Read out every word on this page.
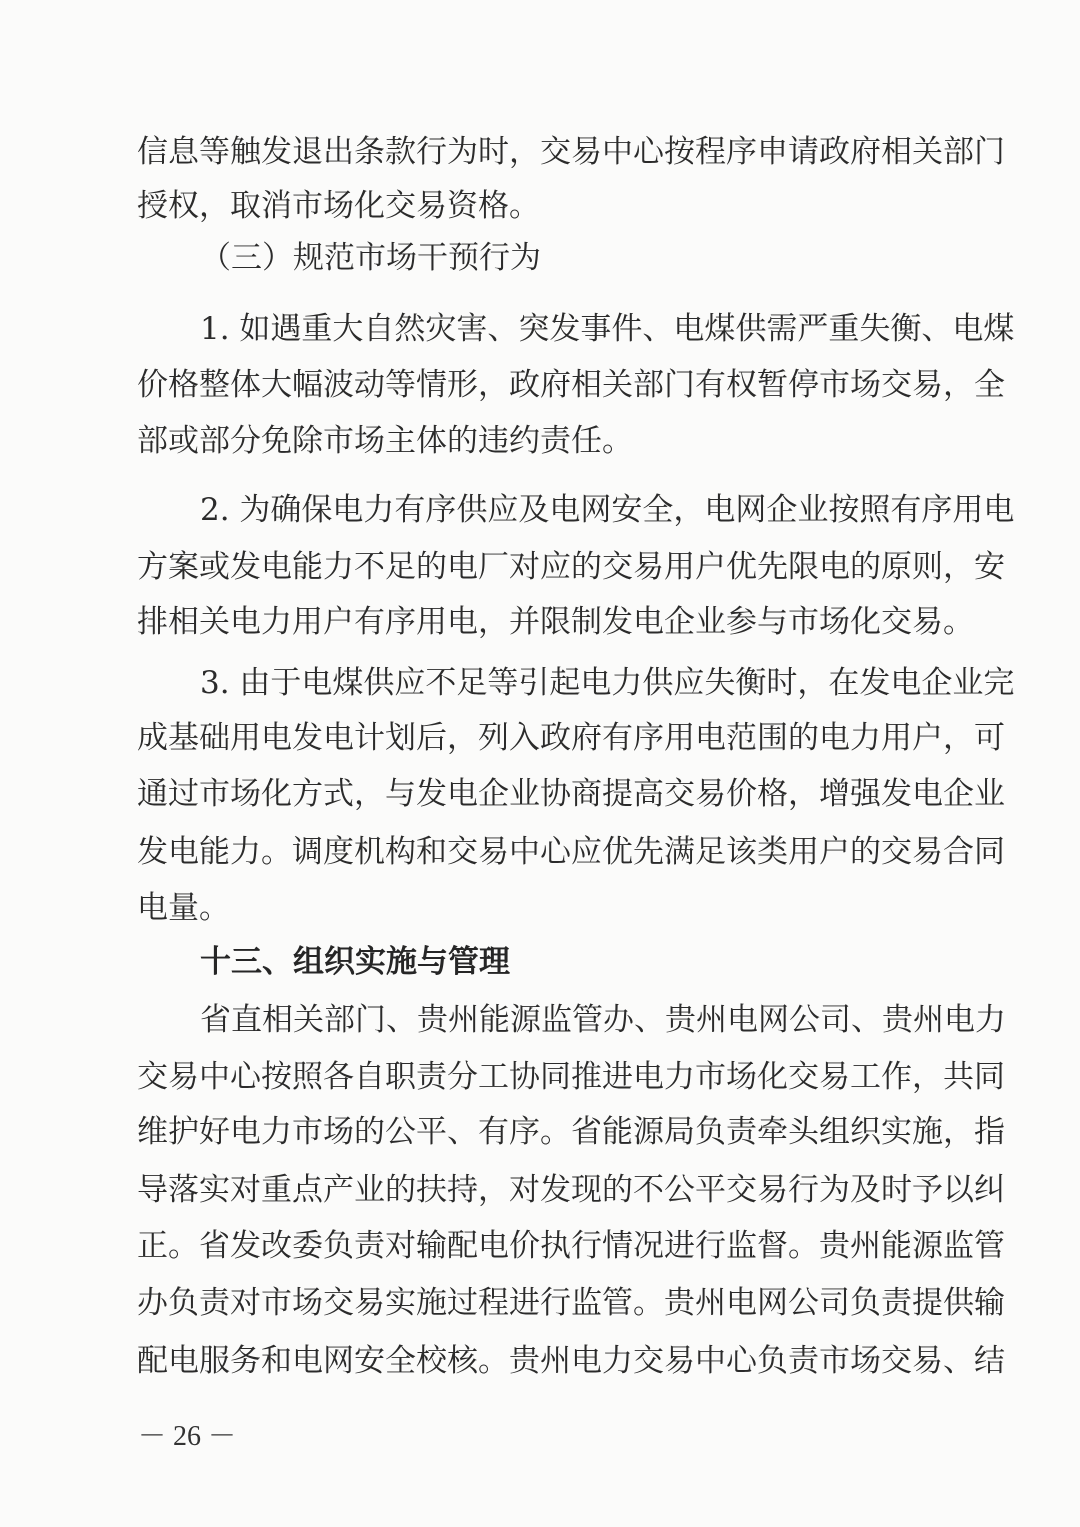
信息等触发退出条款行为时，交易中心按程序申请政府相关部门
授权，取消市场化交易资格。
（三）规范市场干预行为
1. 如遇重大自然灾害、突发事件、电煤供需严重失衡、电煤
价格整体大幅波动等情形，政府相关部门有权暂停市场交易，全
部或部分免除市场主体的违约责任。
2. 为确保电力有序供应及电网安全，电网企业按照有序用电
方案或发电能力不足的电厂对应的交易用户优先限电的原则，安
排相关电力用户有序用电，并限制发电企业参与市场化交易。
3. 由于电煤供应不足等引起电力供应失衡时，在发电企业完
成基础用电发电计划后，列入政府有序用电范围的电力用户，可
通过市场化方式，与发电企业协商提高交易价格，增强发电企业
发电能力。调度机构和交易中心应优先满足该类用户的交易合同
电量。
十三、组织实施与管理
省直相关部门、贵州能源监管办、贵州电网公司、贵州电力
交易中心按照各自职责分工协同推进电力市场化交易工作，共同
维护好电力市场的公平、有序。省能源局负责牵头组织实施，指
导落实对重点产业的扶持，对发现的不公平交易行为及时予以纠
正。省发改委负责对输配电价执行情况进行监督。贵州能源监管
办负责对市场交易实施过程进行监管。贵州电网公司负责提供输
配电服务和电网安全校核。贵州电力交易中心负责市场交易、结
－ 26 －
